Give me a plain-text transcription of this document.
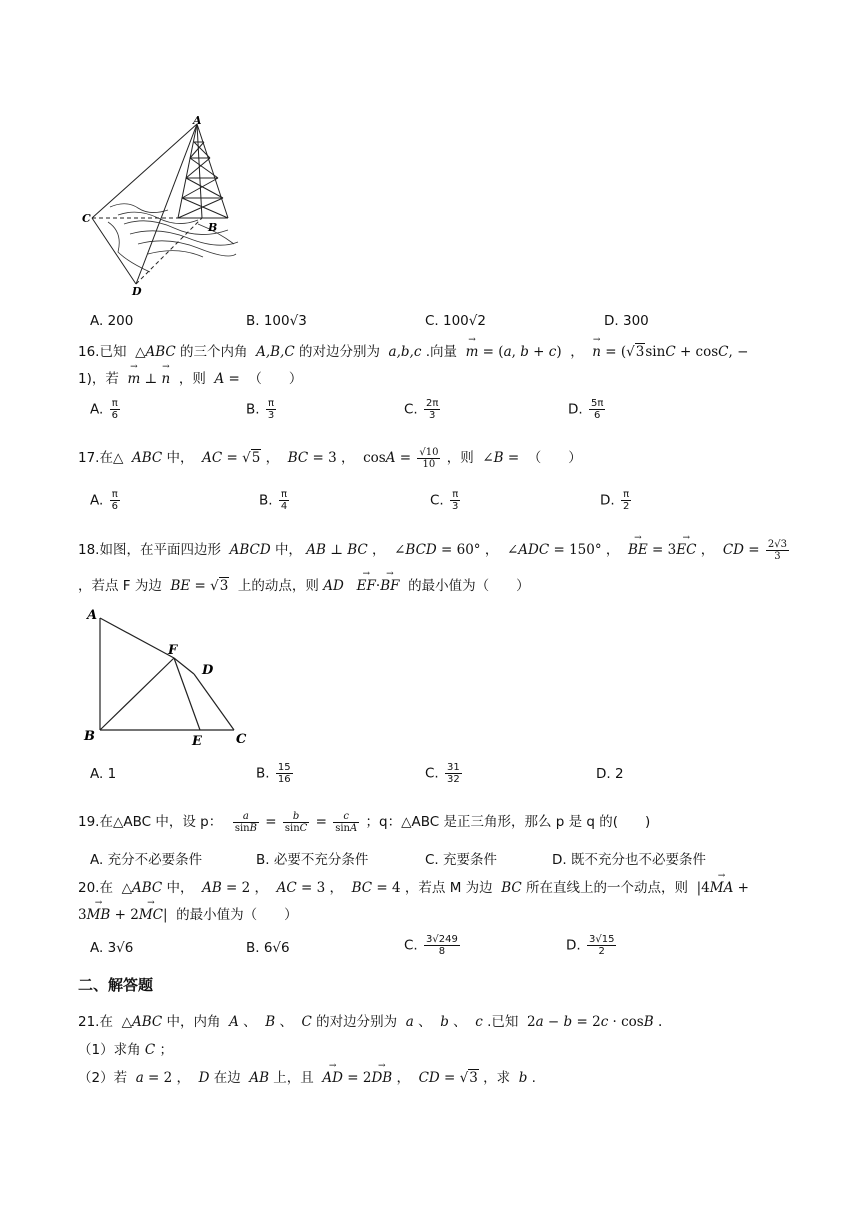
A
C
B
D
A. 200	B. 100√3	C. 100√2	D. 300
16.已知  △ABC 的三个内角  A,B,C 的对边分别为  a,b,c .向量 → m = (a, b + c)  ， → n = (√3sinC + cosC, −
1)，若 → m ⊥ → n ，则 A =  （　　）
A. $\frac{\pi}{6}$	B. $\frac{\pi}{3}$	C. $\frac{2\pi}{3}$	D. $\frac{5\pi}{6}$
17.在△  ABC 中， AC = √5 ， BC = 3 ，  $\cos A = \frac{√10}{10}$ ，则  ∠B =  （　　）
A. $\frac{\pi}{6}$	B. $\frac{\pi}{4}$	C. $\frac{\pi}{3}$	D. $\frac{\pi}{2}$
18.如图，在平面四边形  ABCD 中， AB ⊥ BC ，  ∠BCD = 60° ，  ∠ADC = 150° ， → BE = 3→ EC ， CD = $\frac{2√3}{3}$
，若点 F 为边 BE = √3 上的动点，则 AD   → EF·→ BF 的最小值为（　　）
A
F
D
B	E	C
A. 1	B. $\frac{15}{16}$	C. $\frac{31}{32}$	D. 2
19.在△ABC 中，设 p： $\frac{a}{\sin B} = \frac{b}{\sin C} = \frac{c}{\sin A}$ ；q：△ABC 是正三角形，那么 p 是 q 的(　　)
A. 充分不必要条件	B. 必要不充分条件	C. 充要条件	D. 既不充分也不必要条件
20.在  △ABC 中， AB = 2 ， AC = 3 ， BC = 4 ，若点 M 为边  BC 所在直线上的一个动点，则  |4→ MA +
3→ MB + 2→ MC|  的最小值为（　　）
A. 3√6	B. 6√6	C. $\frac{3√249}{8}$	D. $\frac{3√15}{2}$
二、解答题
21.在  △ABC 中，内角  A 、  B 、  C 的对边分别为  a 、  b 、  c .已知  2a − b = 2c · cosB .
（1）求角 C ；
（2）若 a = 2 ，  D 在边  AB 上，且 → AD = 2→ DB ， CD = √3 ，求  b .
